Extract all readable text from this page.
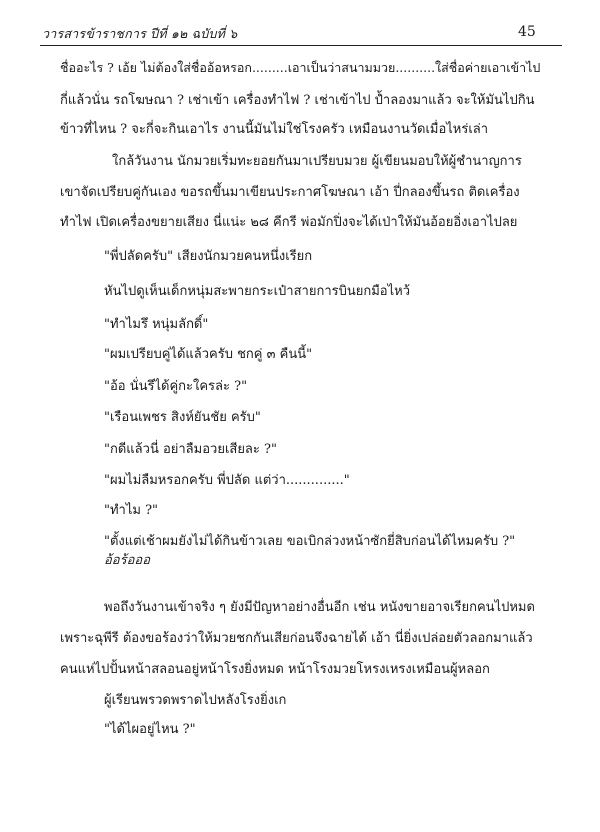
วารสารข้าราชการ ปีที่ ๑๒ ฉบับที่ ๖	45
ชื่ออะไร ? เอ้ย ไม่ต้องใส่ชื่ออ้อหรอก.........เอาเป็นว่าสนามมวย..........ใส่ชื่อค่ายเอาเข้าไป
กี่แล้วนั่น รถโฆษณา ? เช่าเข้า เครื่องทำไฟ ? เช่าเข้าไป ป้ำลองมาแล้ว จะให้มันไปกิน
ข้าวที่ไหน ? จะกี่จะกินเอาไร งานนี้มันไม่ใช่โรงครัว เหมือนงานวัดเมื่อไหร่เล่า
ใกล้วันงาน นักมวยเริ่มทะยอยกันมาเปรียบมวย ผู้เขียนมอบให้ผู้ชำนาญการ
เขาจัดเปรียบคู่กันเอง ขอรถขึ้นมาเขียนประกาศโฆษณา เอ้า ปี่กลองขึ้นรถ ติดเครื่อง
ทำไฟ เปิดเครื่องขยายเสียง นี่แน่ะ ๒๘ คีกรี พ่อมักปิ่งจะได้เป่าให้มันอ้อยอิ่งเอาไปลย
"พี่ปลัดครับ" เสียงนักมวยคนหนึ่งเรียก
หันไปดูเห็นเด็กหนุ่มสะพายกระเป๋าสายการบินยกมือไหว้
"ทำไมรึ หนุ่มลักดิ์"
"ผมเปรียบคู่ได้แล้วครับ ชกคู่ ๓ คืนนี้"
"อ้อ นั่นรึได้คู่กะใครล่ะ ?"
"เรือนเพชร สิงห์ยันชัย ครับ"
"กดีแล้วนี่ อย่าลืมอวยเสียละ ?"
"ผมไม่ลืมหรอกครับ พี่ปลัด แต่ว่า.............."
"ทำไม ?"
"ตั้งแต่เช้าผมยังไม่ได้กินข้าวเลย ขอเบิกล่วงหน้าซักยี่สิบก่อนได้ไหมครับ ?"
อ้อร้อออ
พอถึงวันงานเข้าจริง ๆ ยังมีปัญหาอย่างอื่นอีก เช่น หนังขายอาจเรียกคนไปหมด
เพราะฉุพีรี ต้องขอร้องว่าให้มวยชกกันเสียก่อนจึงฉายได้ เอ้า นี่ยิ่งเปล่อยตัวลอกมาแล้ว
คนแห่ไปปั้นหน้าสลอนอยู่หน้าโรงยิ่งหมด หน้าโรงมวยโหรงเหรงเหมือนผู้หลอก
ผู้เรียนพรวดพราดไปหลังโรงยิ่งเก
"ได้ไผอยู่ไหน ?"
